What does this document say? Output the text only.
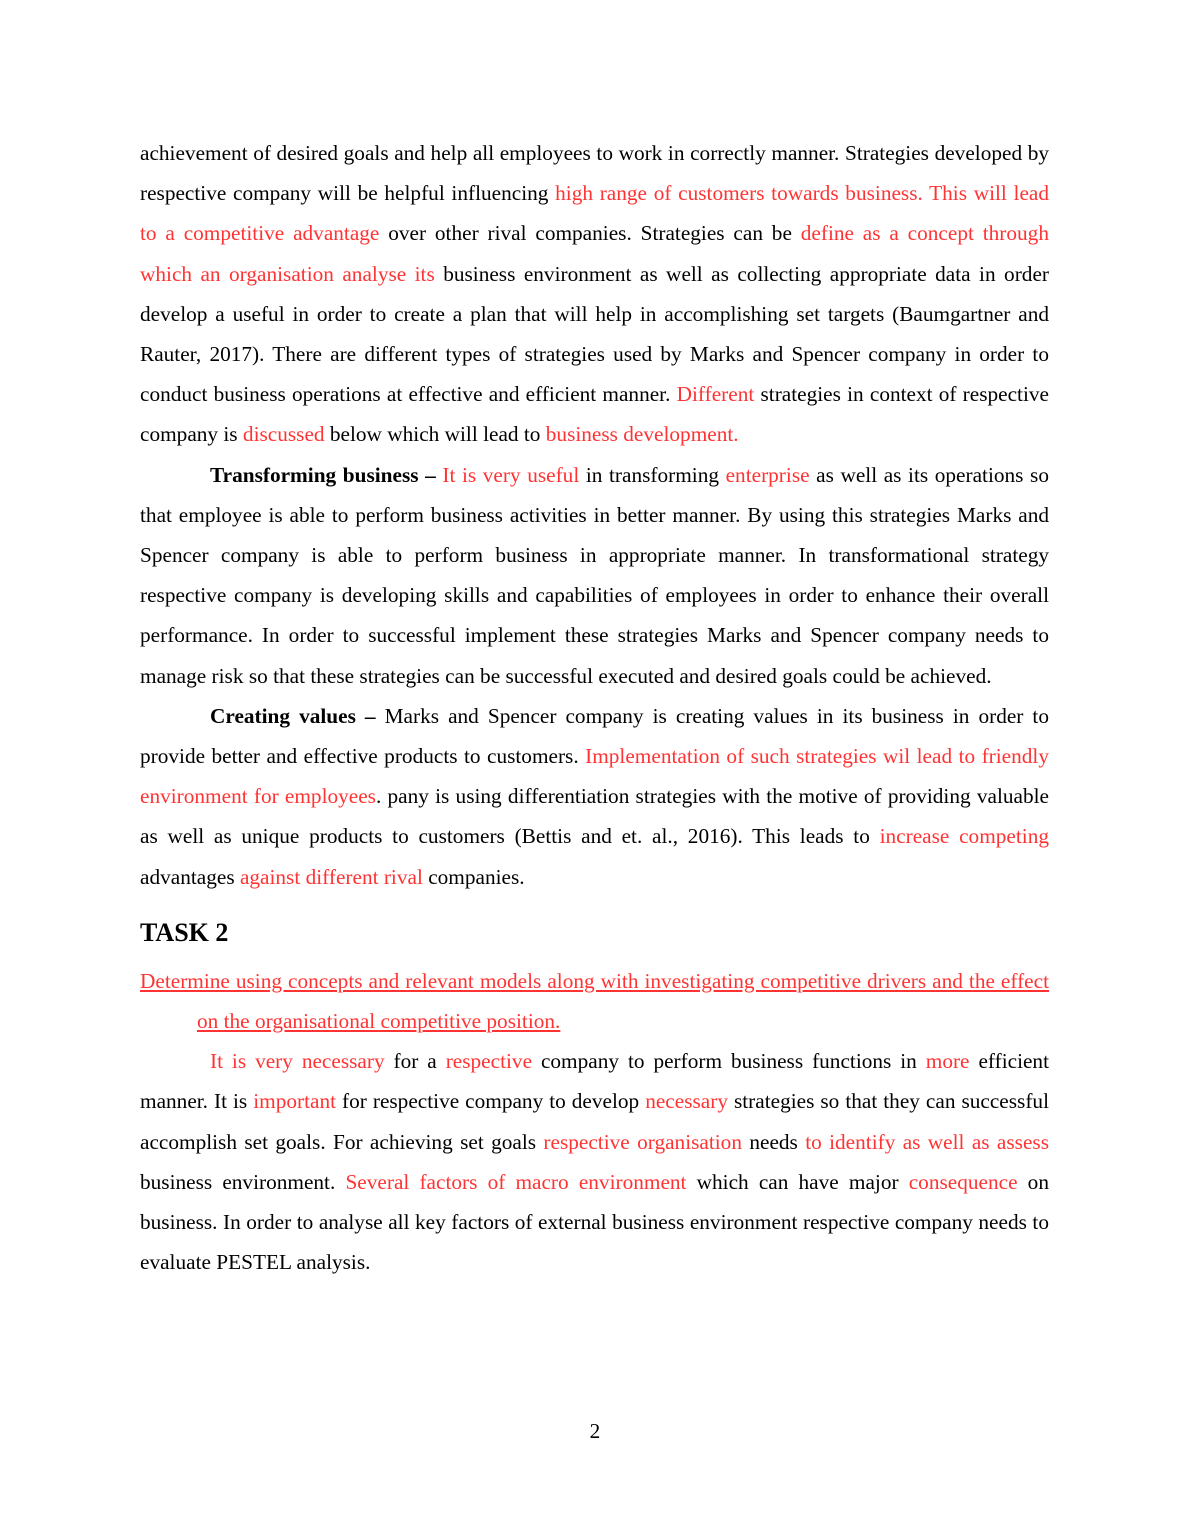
achievement of desired goals and help all employees to work in correctly manner. Strategies developed by respective company will be helpful influencing high range of customers towards business. This will lead to a competitive advantage over other rival companies. Strategies can be define as a concept through which an organisation analyse its business environment as well as collecting appropriate data in order develop a useful in order to create a plan that will help in accomplishing set targets (Baumgartner and Rauter, 2017). There are different types of strategies used by Marks and Spencer company in order to conduct business operations at effective and efficient manner. Different strategies in context of respective company is discussed below which will lead to business development.

Transforming business – It is very useful in transforming enterprise as well as its operations so that employee is able to perform business activities in better manner. By using this strategies Marks and Spencer company is able to perform business in appropriate manner. In transformational strategy respective company is developing skills and capabilities of employees in order to enhance their overall performance. In order to successful implement these strategies Marks and Spencer company needs to manage risk so that these strategies can be successful executed and desired goals could be achieved.

Creating values – Marks and Spencer company is creating values in its business in order to provide better and effective products to customers. Implementation of such strategies wil lead to friendly environment for employees. pany is using differentiation strategies with the motive of providing valuable as well as unique products to customers (Bettis and et. al., 2016). This leads to increase competing advantages against different rival companies.

TASK 2

Determine using concepts and relevant models along with investigating competitive drivers and the effect on the organisational competitive position.

It is very necessary for a respective company to perform business functions in more efficient manner. It is important for respective company to develop necessary strategies so that they can successful accomplish set goals. For achieving set goals respective organisation needs to identify as well as assess business environment. Several factors of macro environment which can have major consequence on business. In order to analyse all key factors of external business environment respective company needs to evaluate PESTEL analysis.

2
